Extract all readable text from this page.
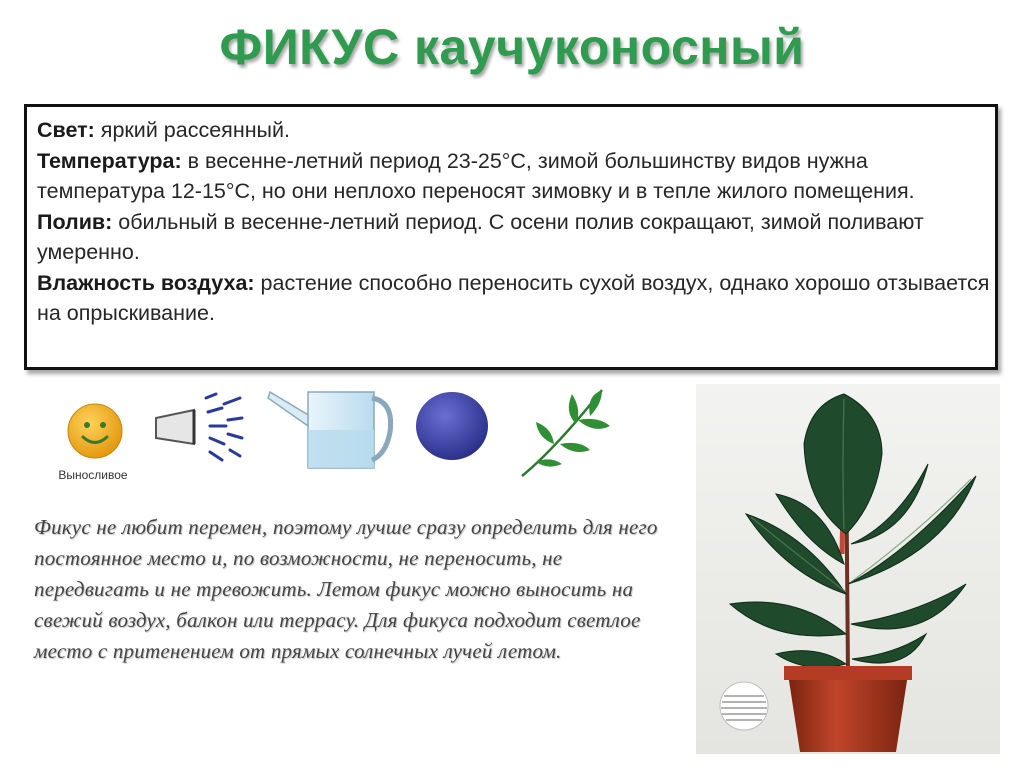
ФИКУС каучуконосный

Свет: яркий рассеянный.

Температура: в весенне-летний период 23-25°С, зимой большинству видов нужна температура 12-15°С, но они неплохо переносят зимовку и в тепле жилого помещения.

Полив: обильный в весенне-летний период. С осени полив сокращают, зимой поливают умеренно.

Влажность воздуха: растение способно переносить сухой воздух, однако хорошо отзывается на опрыскивание.

Выносливое

Фикус не любит перемен, поэтому лучше сразу определить для него постоянное место и, по возможности, не переносить, не передвигать и не тревожить. Летом фикус можно выносить на свежий воздух, балкон или террасу. Для фикуса подходит светлое место с притенением от прямых солнечных лучей летом.
